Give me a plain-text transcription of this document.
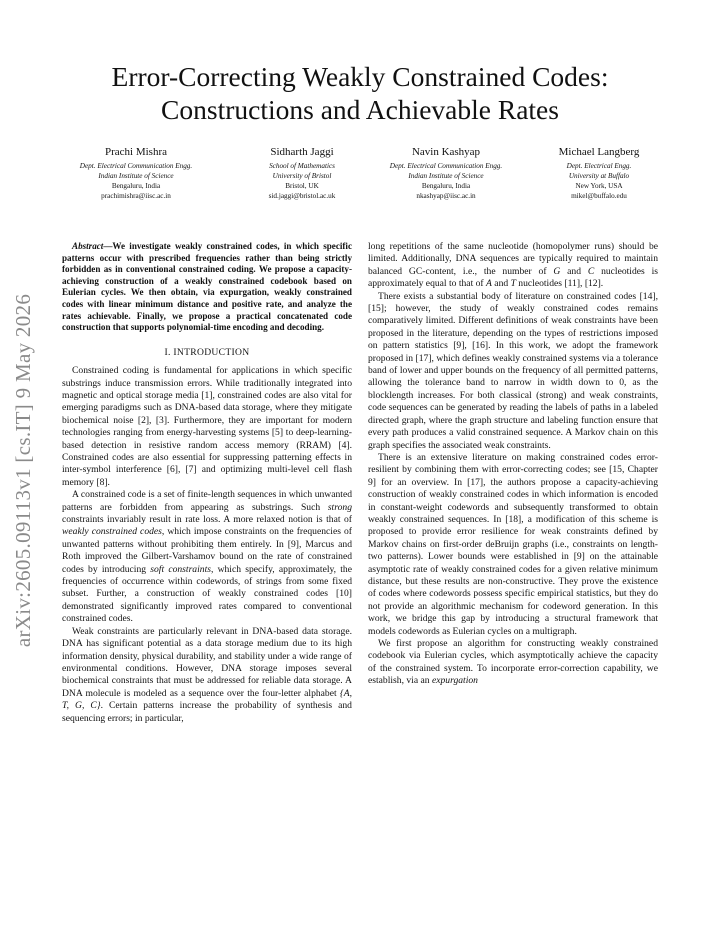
arXiv:2605.09113v1 [cs.IT] 9 May 2026
Error-Correcting Weakly Constrained Codes:
Constructions and Achievable Rates
Prachi Mishra
Dept. Electrical Communication Engg.
Indian Institute of Science
Bengaluru, India
prachimishra@iisc.ac.in
Sidharth Jaggi
School of Mathematics
University of Bristol
Bristol, UK
sid.jaggi@bristol.ac.uk
Navin Kashyap
Dept. Electrical Communication Engg.
Indian Institute of Science
Bengaluru, India
nkashyap@iisc.ac.in
Michael Langberg
Dept. Electrical Engg.
University at Buffalo
New York, USA
mikel@buffalo.edu

Abstract—We investigate weakly constrained codes, in which specific patterns occur with prescribed frequencies rather than being strictly forbidden as in conventional constrained coding. We propose a capacity-achieving construction of a weakly constrained codebook based on Eulerian cycles. We then obtain, via expurgation, weakly constrained codes with linear minimum distance and positive rate, and analyze the rates achievable. Finally, we propose a practical concatenated code construction that supports polynomial-time encoding and decoding.

I. INTRODUCTION

Constrained coding is fundamental for applications in which specific substrings induce transmission errors. While traditionally integrated into magnetic and optical storage media [1], constrained codes are also vital for emerging paradigms such as DNA-based data storage, where they mitigate biochemical noise [2], [3]. Furthermore, they are important for modern technologies ranging from energy-harvesting systems [5] to deep-learning-based detection in resistive random access memory (RRAM) [4]. Constrained codes are also essential for suppressing patterning effects in inter-symbol interference [6], [7] and optimizing multi-level cell flash memory [8].

A constrained code is a set of finite-length sequences in which unwanted patterns are forbidden from appearing as substrings. Such strong constraints invariably result in rate loss. A more relaxed notion is that of weakly constrained codes, which impose constraints on the frequencies of unwanted patterns without prohibiting them entirely. In [9], Marcus and Roth improved the Gilbert-Varshamov bound on the rate of constrained codes by introducing soft constraints, which specify, approximately, the frequencies of occurrence within codewords, of strings from some fixed subset. Further, a construction of weakly constrained codes [10] demonstrated significantly improved rates compared to conventional constrained codes.

Weak constraints are particularly relevant in DNA-based data storage. DNA has significant potential as a data storage medium due to its high information density, physical durability, and stability under a wide range of environmental conditions. However, DNA storage imposes several biochemical constraints that must be addressed for reliable data storage. A DNA molecule is modeled as a sequence over the four-letter alphabet {A, T, G, C}. Certain patterns increase the probability of synthesis and sequencing errors; in particular,

long repetitions of the same nucleotide (homopolymer runs) should be limited. Additionally, DNA sequences are typically required to maintain balanced GC-content, i.e., the number of G and C nucleotides is approximately equal to that of A and T nucleotides [11], [12].

There exists a substantial body of literature on constrained codes [14], [15]; however, the study of weakly constrained codes remains comparatively limited. Different definitions of weak constraints have been proposed in the literature, depending on the types of restrictions imposed on pattern statistics [9], [16]. In this work, we adopt the framework proposed in [17], which defines weakly constrained systems via a tolerance band of lower and upper bounds on the frequency of all permitted patterns, allowing the tolerance band to narrow in width down to 0, as the blocklength increases. For both classical (strong) and weak constraints, code sequences can be generated by reading the labels of paths in a labeled directed graph, where the graph structure and labeling function ensure that every path produces a valid constrained sequence. A Markov chain on this graph specifies the associated weak constraints.

There is an extensive literature on making constrained codes error-resilient by combining them with error-correcting codes; see [15, Chapter 9] for an overview. In [17], the authors propose a capacity-achieving construction of weakly constrained codes in which information is encoded in constant-weight codewords and subsequently transformed to obtain weakly constrained sequences. In [18], a modification of this scheme is proposed to provide error resilience for weak constraints defined by Markov chains on first-order deBruijn graphs (i.e., constraints on length-two patterns). Lower bounds were established in [9] on the attainable asymptotic rate of weakly constrained codes for a given relative minimum distance, but these results are non-constructive. They prove the existence of codes where codewords possess specific empirical statistics, but they do not provide an algorithmic mechanism for codeword generation. In this work, we bridge this gap by introducing a structural framework that models codewords as Eulerian cycles on a multigraph.

We first propose an algorithm for constructing weakly constrained codebook via Eulerian cycles, which asymptotically achieve the capacity of the constrained system. To incorporate error-correction capability, we establish, via an expurgation
